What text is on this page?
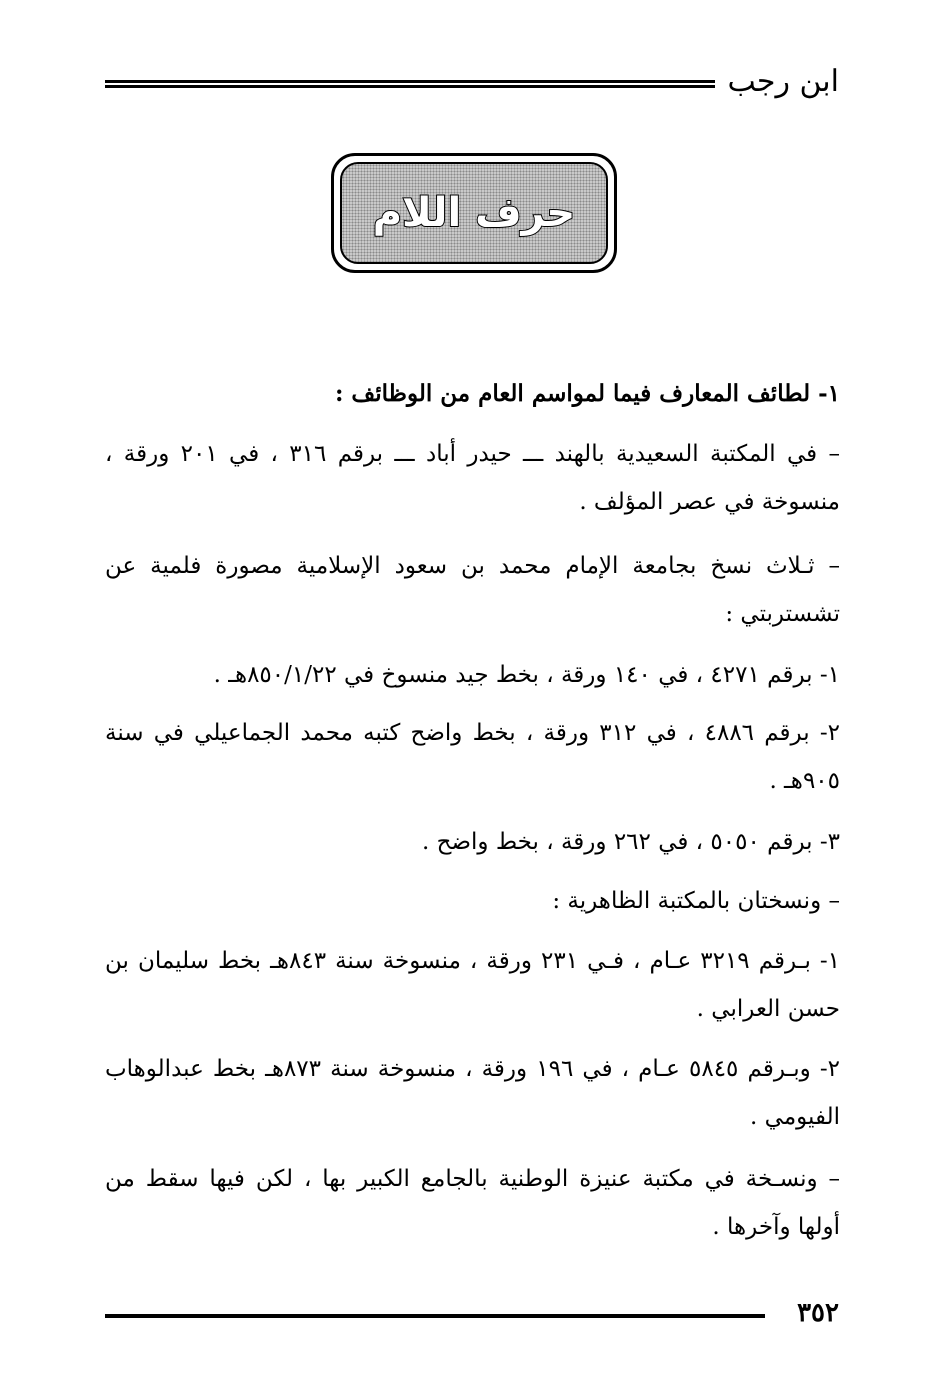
ابن رجب
حرف اللام
١- لطائف المعارف فيما لمواسم العام من الوظائف :
– في المكتبة السعيدية بالهند ـــ حيدر أباد ـــ برقم ٣١٦ ، في ٢٠١ ورقة ، منسوخة في عصر المؤلف .
– ثـلاث نسخ بجامعة الإمام محمد بن سعود الإسلامية مصورة فلمية عن تشستربتي :
١- برقم ٤٢٧١ ، في ١٤٠ ورقة ، بخط جيد منسوخ في ٨٥٠/١/٢٢هـ .
٢- برقم ٤٨٨٦ ، في ٣١٢ ورقة ، بخط واضح كتبه محمد الجماعيلي في سنة ٩٠٥هـ .
٣- برقم ٥٠٥٠ ، في ٢٦٢ ورقة ، بخط واضح .
– ونسختان بالمكتبة الظاهرية :
١- بـرقم ٣٢١٩ عـام ، فـي ٢٣١ ورقة ، منسوخة سنة ٨٤٣هـ بخط سليمان بن حسن العرابي .
٢- وبـرقم ٥٨٤٥ عـام ، في ١٩٦ ورقة ، منسوخة سنة ٨٧٣هـ بخط عبدالوهاب الفيومي .
– ونسـخة في مكتبة عنيزة الوطنية بالجامع الكبير بها ، لكن فيها سقط من أولها وآخرها .
٣٥٢
